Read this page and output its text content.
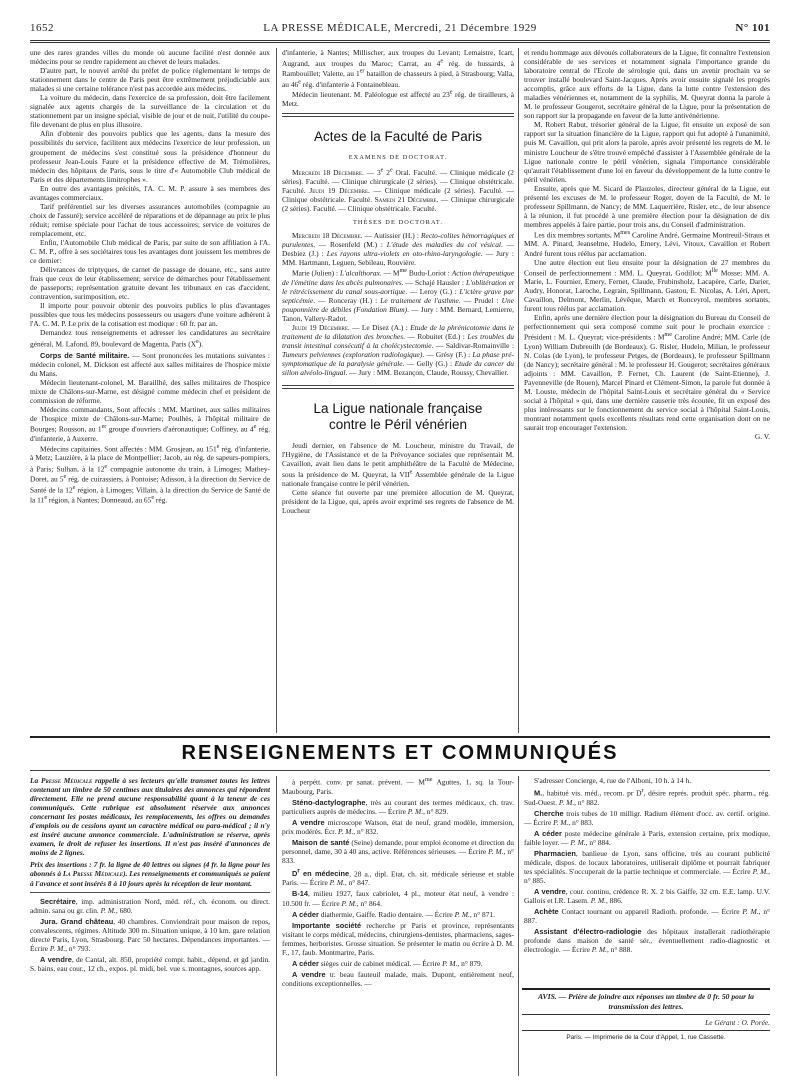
1652	LA PRESSE MÉDICALE, Mercredi, 21 Décembre 1929	N° 101

une des rares grandes villes du monde où aucune facilité n'est donnée aux médecins pour se rendre rapidement au chevet de leurs malades.

D'autre part, le nouvel arrêté du préfet de police réglementant le temps de stationnement dans le centre de Paris peut être extrêmement préjudiciable aux malades si une certaine tolérance n'est pas accordée aux médecins.

La voiture du médecin, dans l'exercice de sa profession, doit être facilement signalée aux agents chargés de la surveillance de la circulation et du stationnement par un insigne spécial, visible de jour et de nuit, l'utilité du coupe-file devenant de plus en plus illusoire.

Afin d'obtenir des pouvoirs publics que les agents, dans la mesure des possibilités du service, facilitent aux médecins l'exercice de leur profession, un groupement de médecins s'est constitué sous la présidence d'honneur du professeur Jean-Louis Faure et la présidence effective de M. Trémolières, médecin des hôpitaux de Paris, sous le titre d'« Automobile Club médical de Paris et des départements limitrophes ».

En outre des avantages précités, l'A. C. M. P. assure à ses membres des avantages commerciaux.

Tarif préférentiel sur les diverses assurances automobiles (compagnie au choix de l'assuré); service accéléré de réparations et de dépannage au prix le plus réduit; remise spéciale pour l'achat de tous accessoires; service de voitures de remplacement, etc.

Enfin, l'Automobile Club médical de Paris, par suite de son affiliation à l'A. C. M. P., offre à ses sociétaires tous les avantages dont jouissent les membres de ce dernier:

Délivrances de triptyques, de carnet de passage de douane, etc., sans autre frais que ceux de leur établissement; service de démarches pour l'établissement de passeports; représentation gratuite devant les tribunaux en cas d'accident, contravention, surimposition, etc.

Il importe pour pouvoir obtenir des pouvoirs publics le plus d'avantages possibles que tous les médecins possesseurs ou usagers d'une voiture adhèrent à l'A. C. M. P. Le prix de la cotisation est modique : 60 fr. par an.

Demandez tous renseignements et adresser les candidatures au secrétaire général, M. Lafond, 89, boulevard de Magenta, Paris (Xe).

Corps de Santé militaire. — Sont prononcées les mutations suivantes : médecin colonel, M. Dickson est affecté aux salles militaires de l'hospice mixte du Mans.

Médecin lieutenant-colonel, M. Baraillhé, des salles militaires de l'hospice mixte de Châlons-sur-Marne, est désigné comme médecin chef et président de commission de réforme.

Médecins commandants, Sont affectés : MM. Martinet, aux salles militaires de l'hospice mixte de Châlons-sur-Marne; Poulhès, à l'hôpital militaire de Bourges; Rousson, au 1er groupe d'ouvriers d'aéronautique; Coffiney, au 4e rég. d'infanterie, à Auxerre.

Médecins capitaines. Sont affectés : MM. Grosjean, au 151e rég. d'infanterie, à Metz; Lauzière, à la place de Montpellier; Jacob, au rég. de sapeurs-pompiers, à Paris; Sulhan, à la 12e compagnie autonome du train, à Limoges; Mathey-Doret, au 5e rég. de cuirassiers, à Pontoise; Adisson, à la direction du Service de Santé de la 12e région, à Limoges; Villain, à la direction du Service de Santé de la 11e région, à Nantes; Donneaud, au 65e rég.

d'infanterie, à Nantes; Millischer, aux troupes du Levant; Lemaistre, Icart, Augrand, aux troupes du Maroc; Carrat, au 4e rég. de hussards, à Rambouillet; Valette, au 1er bataillon de chasseurs à pied, à Strasbourg; Valla, au 46e rég. d'infanterie à Fontainebleau.

Médecin lieutenant. M. Paléologue est affecté au 23e rég. de tirailleurs, à Metz.

Actes de la Faculté de Paris
EXAMENS DE DOCTORAT.

Mercredi 18 Décembre. — 3e 2e Oral. Faculté. — Clinique médicale (2 séries). Faculté. — Clinique chirurgicale (2 séries). — Clinique obstétricale. Faculté. Jeudi 19 Décembre. — Clinique médicale (2 séries). Faculté. — Clinique obstétricale. Faculté. Samedi 21 Décembre. — Clinique chirurgicale (2 séries). Faculté. — Clinique obstétricale. Faculté.

THÈSES DE DOCTORAT.

Mercredi 18 Décembre. — Autissier (H.) : Recto-colites hémorragiques et purulentes. — Rosenfeld (M.) : L'étude des maladies du col vésical. — Desbiez (J.) : Les rayons ultra-violets en oto-rhino-laryngologie. — Jury : MM. Hartmann, Leguen, Sebileau, Rouvière.

Marie (Julien) : L'alcalthorax. — $M^{me}$ Budu-Loriot : Action thérapeutique de l'émétine dans les abcès pulmonaires. — Schajé Hausler : L'oblitération et le rétrécissement du canal sous-aortique. — Leroy (G.) : L'ictère grave par septicémie. — Ronceray (H.) : Le traitement de l'asthme. — Prudel : Une pouponnière de débiles (Fondation Blum). — Jury : MM. Bernard, Lemierre, Tanon, Vallery-Radot.

Jeudi 19 Décembre. — Le Disez (A.) : Etude de la phrénicotomie dans le traitement de la dilatation des bronches. — Robuitet (Ed.) : Les troubles du transit intestinal consécutif à la cholécystectomie. — Saldivar-Romainville : Tumeurs pelviennes (exploration radiologique). — Grésy (F.) : La phase pré-symptomatique de la paralysie générale. — Gelly (G.) : Etude du cancer du sillon alvéolo-lingual. — Jury : MM. Bezançon, Claude, Roussy, Chevallier.

La Ligue nationale française
contre le Péril vénérien

Jeudi dernier, en l'absence de M. Loucheur, ministre du Travail, de l'Hygiène, de l'Assistance et de la Prévoyance sociales que représentait M. Cavaillon, avait lieu dans le petit amphithéâtre de la Faculté de Médecine, sous la présidence de M. Queyrat, la VIIe Assemblée générale de la Ligue nationale française contre le péril vénérien.

Cette séance fut ouverte par une première allocution de M. Queyrat, président de la Ligue, qui, après avoir exprimé ses regrets de l'absence de M. Loucheur

et rendu hommage aux dévoués collaborateurs de la Ligue, fit connaître l'extension considérable de ses services et notamment signala l'importance grande du laboratoire central de l'Ecole de sérologie qui, dans un avenir prochain va se trouver installé boulevard Saint-Jacques. Après avoir ensuite signalé les progrès accomplis, grâce aux efforts de la Ligue, dans la lutte contre l'extension des maladies vénériennes et, notamment de la syphilis, M. Queyrat donna la parole à M. le professeur Gougerot, secrétaire général de la Ligue, pour la présentation de son rapport sur la propagande en faveur de la lutte antivénérienne.

M. Robert Rabut, trésorier général de la Ligue, fit ensuite un exposé de son rapport sur la situation financière de la Ligue, rapport qui fut adopté à l'unanimité, puis M. Cavaillon, qui prit alors la parole, après avoir présenté les regrets de M. le ministre Loucheur de s'être trouvé empêché d'assister à l'Assemblée générale de la Ligue nationale contre le péril vénérien, signala l'importance considérable qu'aurait l'établissement d'une loi en faveur du développement de la lutte contre le péril vénérien.

Ensuite, après que M. Sicard de Plauzoles, directeur général de la Ligue, eut présenté les excuses de M. le professeur Roger, doyen de la Faculté, de M. le professeur Spillmann, de Nancy; de MM. Laquerrière, Risler, etc., de leur absence à la réunion, il fut procédé à une première élection pour la désignation de dix membres appelés à faire partie, pour trois ans, du Conseil d'administration.

Les dix membres sortants, $M^{mes}$ Caroline André, Germaine Montreuil-Straus et MM. A. Pinard, Jeanselme, Hudelo, Emery, Lévi, Vitoux, Cavaillon et Robert André furent tous réélus par acclamation.

Une autre élection eut lieu ensuite pour la désignation de 27 membres du Conseil de perfectionnement : MM. L. Queyrat, Godillot; $M^{lle}$ Mosse; MM. A. Marie, L. Fournier, Emery, Fernet, Claude, Frubinsholz, Lacapère, Carle, Darier, Audry, Honorat, Laroche, Legrain, Spillmann, Gastou, E. Nicolas, A. Léri, Apert, Cavaillon, Delmont, Merlin, Lévêque, March et Ronceyrol, membres sortants, furent tous réélus par acclamation.

Enfin, après une dernière élection pour la désignation du Bureau du Conseil de perfectionnement qui sera composé comme suit pour le prochain exercice : Président : M. L. Queyrat; vice-présidents : $M^{me}$ Caroline André; MM. Carle (de Lyon) William Dubreuilh (de Bordeaux). G. Risler, Hudelo, Milian, le professeur N. Colas (de Lyon), le professeur Petges, de (Bordeaux), le professeur Spillmann (de Nancy); secrétaire général : M. le professeur H. Gougerot; secrétaires généraux adjoints : MM. Cavaillon, P. Fernet, Ch. Laurent (de Saint-Etienne), J. Payenneville (de Rouen), Marcel Pinard et Clément-Simon, la parole fut donnée à M. Louste, médecin de l'hôpital Saint-Louis et secrétaire général du « Service social à l'hôpital » qui, dans une dernière causerie très écoutée, fit un exposé des plus intéressants sur le fonctionnement du service social à l'hôpital Saint-Louis, montrant notamment quels excellents résultats rend cette organisation dont on ne saurait trop encourager l'extension.

G. V.
RENSEIGNEMENTS ET COMMUNIQUÉS

La Presse Médicale rappelle à ses lecteurs qu'elle transmet toutes les lettres contenant un timbre de 50 centimes aux titulaires des annonces qui répondent directement. Elle ne prend aucune responsabilité quant à la teneur de ces communiqués. Cette rubrique est absolument réservée aux annonces concernant les postes médicaux, les remplacements, les offres ou demandes d'emplois ou de cessions ayant un caractère médical ou para-médical ; il n'y est inséré aucune annonce commerciale. L'administration se réserve, après examen, le droit de refuser les insertions. Il n'est pas inséré d'annonces de moins de 2 lignes.

Prix des insertions : 7 fr. la ligne de 40 lettres ou signes (4 fr. la ligne pour les abonnés à La Presse Médicale). Les renseignements et communiqués se paient à l'avance et sont insérés 8 à 10 jours après la réception de leur montant.

Secrétaire, imp. administration Nord, méd. réf., ch. économ. ou direct. admin. sana ou gr. clin. P. M., 680.

Jura. Grand château, 40 chambres. Conviendrait pour maison de repos, convalescents, régimes. Altitude 300 m. Situation unique, à 10 km. gare relation directe Paris, Lyon, Strasbourg. Parc 50 hectares. Dépendances importantes. — Écrire P. M., n° 793.

A vendre, de Cantal, alt. 850, propriété compr. habit., dépend. et gd jardin. S. bains, eau cour., 12 ch., expos. pl. midi, bel. vue s. montagnes, sources app.

à perpétt. conv. pr sanat. prévent. — $M^{me}$ Aguttes, 1, sq. la Tour-Maubourg, Paris.

Sténo-dactylographe, très au courant des termes médicaux, ch. trav. particuliers auprès de médecins. — Écrire P. M., n° 829.

A vendre microscope Watson, état de neuf, grand modèle, immersion, prix modérés. Écr. P. M., n° 832.

Maison de santé (Seine) demande, pour emploi économe et direction du personnel, dame, 30 à 40 ans, active. Références sérieuses. — Écrire P. M., n° 833.

$D^r$ en médecine, 28 a., dipl. Etat, ch. sit. médicale sérieuse et stable Paris. — Écrire P. M., n° 847.

B-14, milieu 1927, faux cabriolet, 4 pl., moteur état neuf, à vendre : 10.500 fr. — Écrire P. M., n° 864.

A céder diathermie, Gaiffe. Radio dentaire. — Écrire P. M., n° 871.

Importante société recherche pr Paris et province, représentants visitant le corps médical, médecins, chirurgiens-dentistes, pharmaciens, sages-femmes, herboristes. Grosse situation. Se présenter le matin ou écrire à D. M. F., 17, faub. Montmartre, Paris.

A céder sièges cuir de cabinet médical. — Écrire P. M., n° 879.

A vendre tr. beau fauteuil malade, mais. Dupont, entièrement neuf, conditions exceptionnelles. —

S'adresser Concierge, 4, rue de l'Alboni, 10 h. à 14 h.

M., habitué vis. méd., recom. pr $D^r$, désire représ. produit spéc. pharm., rég. Sud-Ouest. P. M., n° 882.

Cherche trois tubes de 10 milligr. Radium élément d'occ. av. certif. origine. — Écrire P. M., n° 883.

A céder poste médecine générale à Paris, extension certaine, prix modique, faible loyer. — P. M., n° 884.

Pharmacien, banlieue de Lyon, sans officine, très au courant publicité médicale, dispos. de locaux laboratoires, utiliserait diplôme et pourrait fabriquer tes spécialités. S'occuperait de la partie technique et commerciale. — Écrire P. M., n° 885.

A vendre, cour. continu, crédence R. X. 2 bis Gaiffe, 32 cm. E.E. lamp. U.V. Gallois et I.R. Lasem. P. M., 886.

Achète Contact tournant ou appareil Radioth. profonde. — Écrire P. M., n° 887.

Assistant d'électro-radiologie des hôpitaux installerait radiothérapie profonde dans maison de santé sér., éventuellement radio-diagnostic et électrologie. — Écrire P. M., n° 888.

AVIS. — Prière de joindre aux réponses un timbre de 0 fr. 50 pour la transmission des lettres.
Le Gérant : O. Porée.
Paris. — Imprimerie de la Cour d'Appel, 1, rue Cassette.
